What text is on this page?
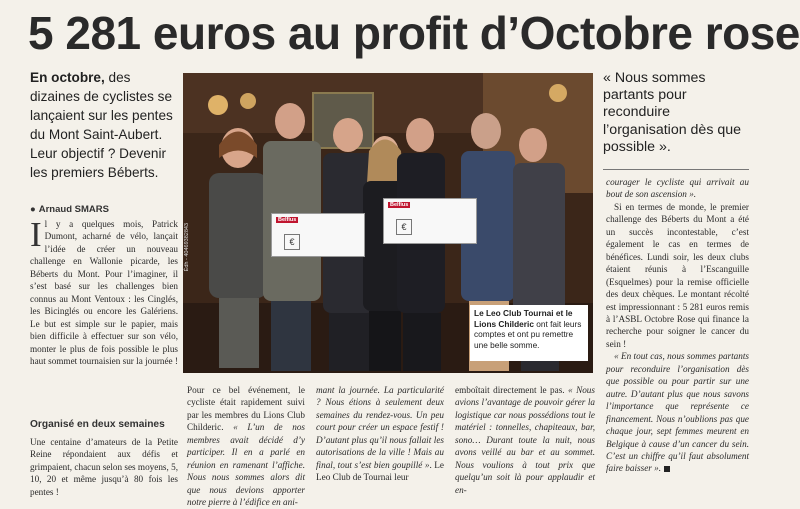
5 281 euros au profit d’Octobre rose

En octobre, des dizaines de cyclistes se lançaient sur les pentes du Mont Saint-Aubert. Leur objectif ? Devenir les premiers Béberts.

● Arnaud SMARS

Il y a quelques mois, Patrick Dumont, acharné de vélo, lançait l’idée de créer un nouveau challenge en Wallonie picarde, les Béberts du Mont. Pour l’imaginer, il s’est basé sur les challenges bien connus au Mont Ventoux : les Cinglés, les Bicinglés ou encore les Galériens. Le but est simple sur le papier, mais bien difficile à effectuer sur son vélo, monter le plus de fois possible le plus haut sommet tournaisien sur la journée !

Organisé en deux semaines

Une centaine d’amateurs de la Petite Reine répondaient aux défis et grimpaient, chacun selon ses moyens, 5, 10, 20 et même jusqu’à 80 fois les pentes !

Belfius
€
Belfius
€
Édh - 40469382843
Le Leo Club Tournai et le Lions Childeric ont fait leurs comptes et ont pu remettre une belle somme.

Pour ce bel événement, le cycliste était rapidement suivi par les membres du Lions Club Childeric. « L’un de nos membres avait décidé d’y participer. Il en a parlé en réunion en ramenant l’affiche. Nous nous sommes alors dit que nous devions apporter notre pierre à l’édifice en ani-

mant la journée. La particularité ? Nous étions à seulement deux semaines du rendez-vous. Un peu court pour créer un espace festif ! D’autant plus qu’il nous fallait les autorisations de la ville ! Mais au final, tout s’est bien goupillé ». Le Leo Club de Tournai leur

emboîtait directement le pas. « Nous avions l’avantage de pouvoir gérer la logistique car nous possédions tout le matériel : tonnelles, chapiteaux, bar, sono… Durant toute la nuit, nous avons veillé au bar et au sommet. Nous voulions à tout prix que quelqu’un soit là pour applaudir et en-

« Nous sommes partants pour reconduire l’organisation dès que possible ».

courager le cycliste qui arrivait au bout de son ascension ».

Si en termes de monde, le premier challenge des Béberts du Mont a été un succès incontestable, c’est également le cas en termes de bénéfices. Lundi soir, les deux clubs étaient réunis à l’Escanguille (Esquelmes) pour la remise officielle des deux chèques. Le montant récolté est impressionnant : 5 281 euros remis à l’ASBL Octobre Rose qui finance la recherche pour soigner le cancer du sein !

« En tout cas, nous sommes partants pour reconduire l’organisation dès que possible ou pour partir sur une autre. D’autant plus que nous savons l’importance que représente ce financement. Nous n’oublions pas que chaque jour, sept femmes meurent en Belgique à cause d’un cancer du sein. C’est un chiffre qu’il faut absolument faire baisser ».
